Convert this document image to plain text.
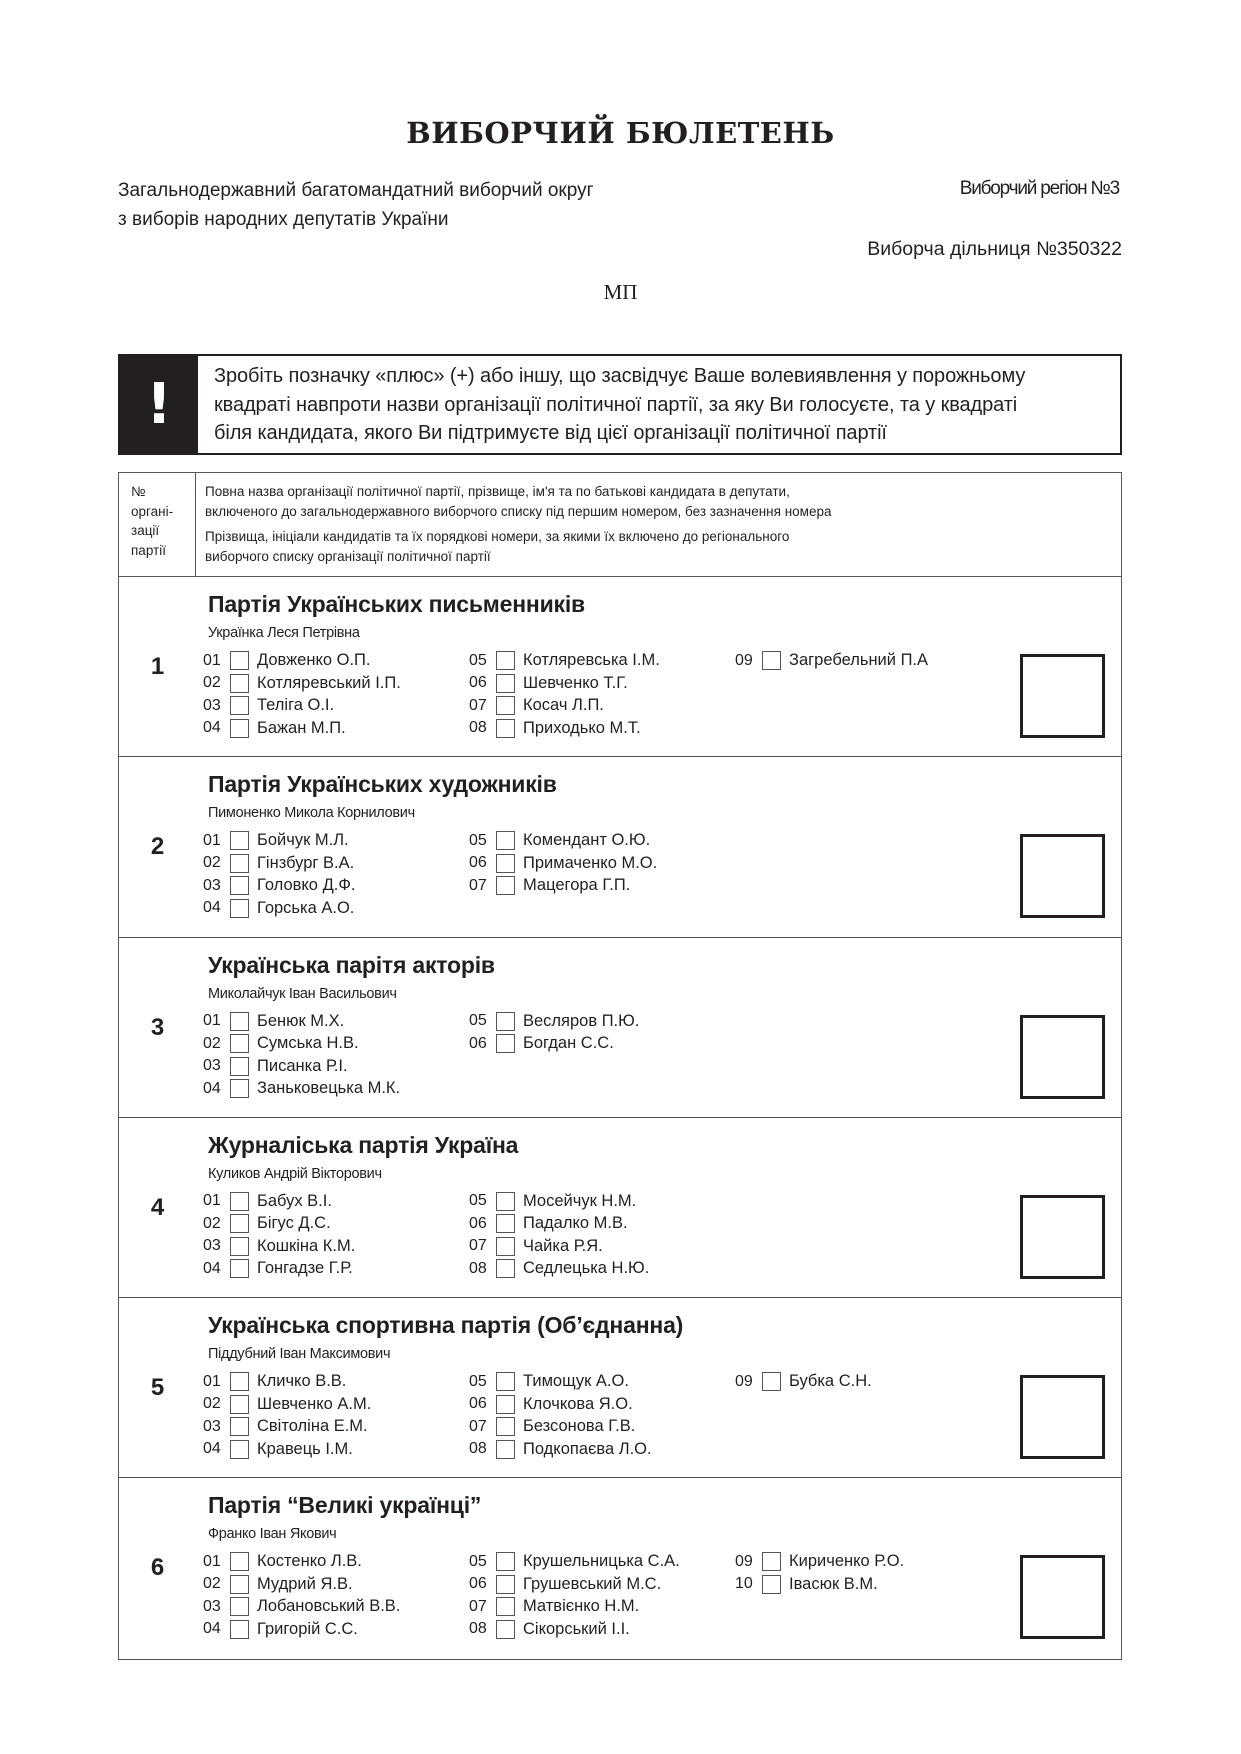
ВИБОРЧИЙ БЮЛЕТЕНЬ
Загальнодержавний багатомандатний виборчий округ
з виборів народних депутатів України
Виборчий регіон №3
Виборча дільниця №350322
МП
!	Зробіть позначку «плюс» (+) або іншу, що засвідчує Ваше волевиявлення у порожньому
квадраті навпроти назви організації політичної партії, за яку Ви голосуєте, та у квадраті
біля кандидата, якого Ви підтримуєте від цієї організації політичної партії
№
органі-
зації
партії

Повна назва організації політичної партії, прізвище, ім'я та по батькові кандидата в депутати,
включеного до загальнодержавного виборчого списку під першим номером, без зазначення номера

Прізвища, ініціали кандидатів та їх порядкові номери, за якими їх включено до регіонального
виборчого списку організації політичної партії

1
Партія Українських письменників
Українка Леся Петрівна
01	Довженко О.П.
02	Котляревський І.П.
03	Теліга О.І.
04	Бажан М.П.
05	Котляревська І.М.
06	Шевченко Т.Г.
07	Косач Л.П.
08	Приходько М.Т.
09	Загребельний П.А
2
Партія Українських художників
Пимоненко Микола Корнилович
01	Бойчук М.Л.
02	Гінзбург В.А.
03	Головко Д.Ф.
04	Горська А.О.
05	Комендант О.Ю.
06	Примаченко М.О.
07	Мацегора Г.П.
3
Українська парітя акторів
Миколайчук Іван Васильович
01	Бенюк М.Х.
02	Сумська Н.В.
03	Писанка Р.І.
04	Заньковецька М.К.
05	Весляров П.Ю.
06	Богдан С.С.
4
Журналіська партія Україна
Куликов Андрій Вікторович
01	Бабух В.І.
02	Бігус Д.С.
03	Кошкіна К.М.
04	Гонгадзе Г.Р.
05	Мосейчук Н.М.
06	Падалко М.В.
07	Чайка Р.Я.
08	Седлецька Н.Ю.
5
Українська спортивна партія (Об’єднанна)
Піддубний Іван Максимович
01	Кличко В.В.
02	Шевченко А.М.
03	Світоліна Е.М.
04	Кравець І.М.
05	Тимощук А.О.
06	Клочкова Я.О.
07	Безсонова Г.В.
08	Подкопаєва Л.О.
09	Бубка С.Н.
6
Партія “Великі українці”
Франко Іван Якович
01	Костенко Л.В.
02	Мудрий Я.В.
03	Лобановський В.В.
04	Григорій С.С.
05	Крушельницька С.А.
06	Грушевський М.С.
07	Матвієнко Н.М.
08	Сікорський І.І.
09	Кириченко Р.О.
10	Івасюк В.М.
